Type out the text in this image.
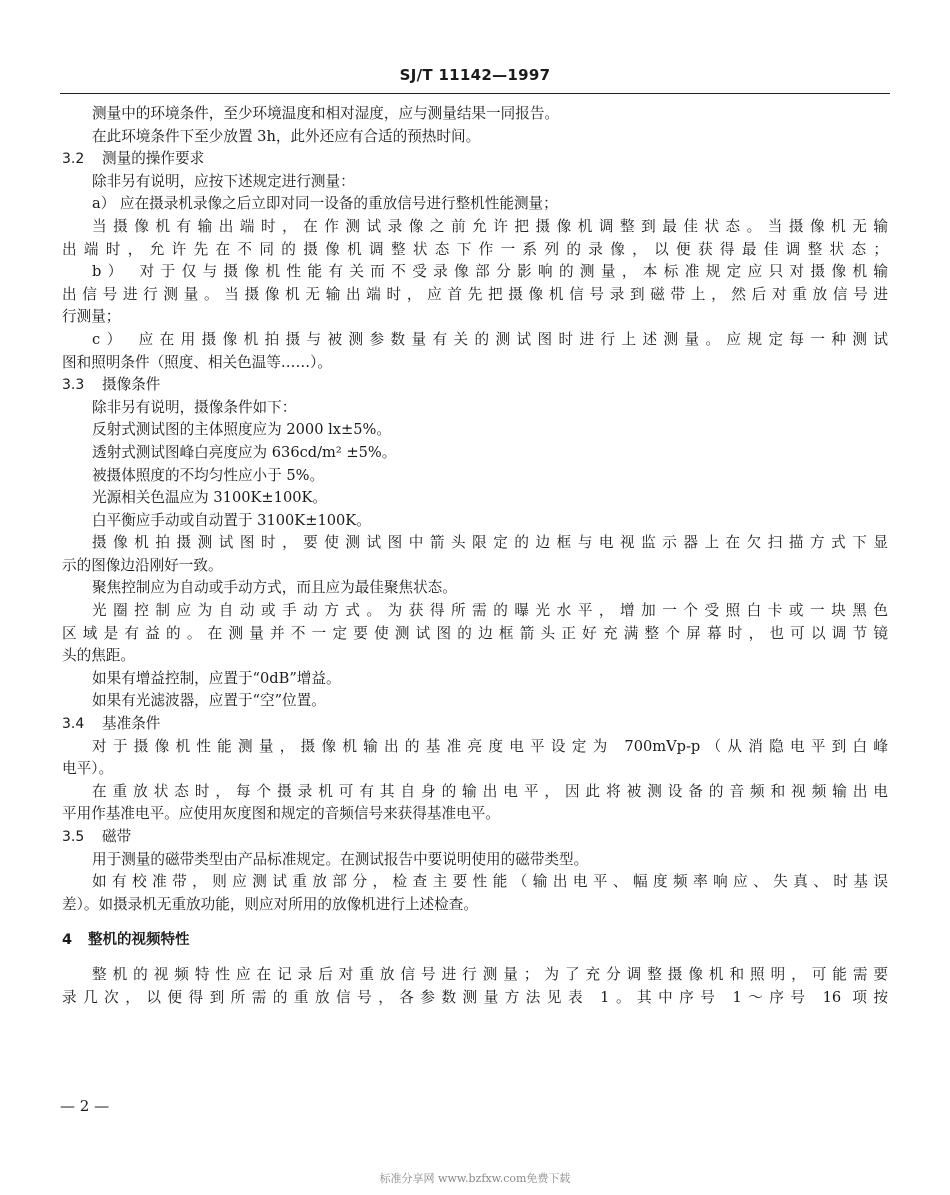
SJ/T 11142—1997
测量中的环境条件，至少环境温度和相对湿度，应与测量结果一同报告。
在此环境条件下至少放置 3h，此外还应有合适的预热时间。
3.2	测量的操作要求
除非另有说明，应按下述规定进行测量：
a） 应在摄录机录像之后立即对同一设备的重放信号进行整机性能测量；
当摄像机有输出端时，在作测试录像之前允许把摄像机调整到最佳状态。当摄像机无输
出端时，允许先在不同的摄像机调整状态下作一系列的录像，以便获得最佳调整状态；
b） 对于仅与摄像机性能有关而不受录像部分影响的测量，本标准规定应只对摄像机输
出信号进行测量。当摄像机无输出端时，应首先把摄像机信号录到磁带上，然后对重放信号进
行测量；
c） 应在用摄像机拍摄与被测参数量有关的测试图时进行上述测量。应规定每一种测试
图和照明条件（照度、相关色温等……）。
3.3	摄像条件
除非另有说明，摄像条件如下：
反射式测试图的主体照度应为 2000 lx±5%。
透射式测试图峰白亮度应为 636cd/m² ±5%。
被摄体照度的不均匀性应小于 5%。
光源相关色温应为 3100K±100K。
白平衡应手动或自动置于 3100K±100K。
摄像机拍摄测试图时，要使测试图中箭头限定的边框与电视监示器上在欠扫描方式下显
示的图像边沿刚好一致。
聚焦控制应为自动或手动方式，而且应为最佳聚焦状态。
光圈控制应为自动或手动方式。为获得所需的曝光水平，增加一个受照白卡或一块黑色
区域是有益的。在测量并不一定要使测试图的边框箭头正好充满整个屏幕时，也可以调节镜
头的焦距。
如果有增益控制，应置于“0dB”增益。
如果有光滤波器，应置于“空”位置。
3.4	基准条件
对于摄像机性能测量，摄像机输出的基准亮度电平设定为 700mVp-p（从消隐电平到白峰
电平）。
在重放状态时，每个摄录机可有其自身的输出电平，因此将被测设备的音频和视频输出电
平用作基准电平。应使用灰度图和规定的音频信号来获得基准电平。
3.5	磁带
用于测量的磁带类型由产品标准规定。在测试报告中要说明使用的磁带类型。
如有校准带，则应测试重放部分，检查主要性能（输出电平、幅度频率响应、失真、时基误
差）。如摄录机无重放功能，则应对所用的放像机进行上述检查。
4	整机的视频特性
整机的视频特性应在记录后对重放信号进行测量；为了充分调整摄像机和照明，可能需要
录几次，以便得到所需的重放信号，各参数测量方法见表 1。其中序号 1～序号 16 项按
— 2 —
标准分享网 www.bzfxw.com免费下载
